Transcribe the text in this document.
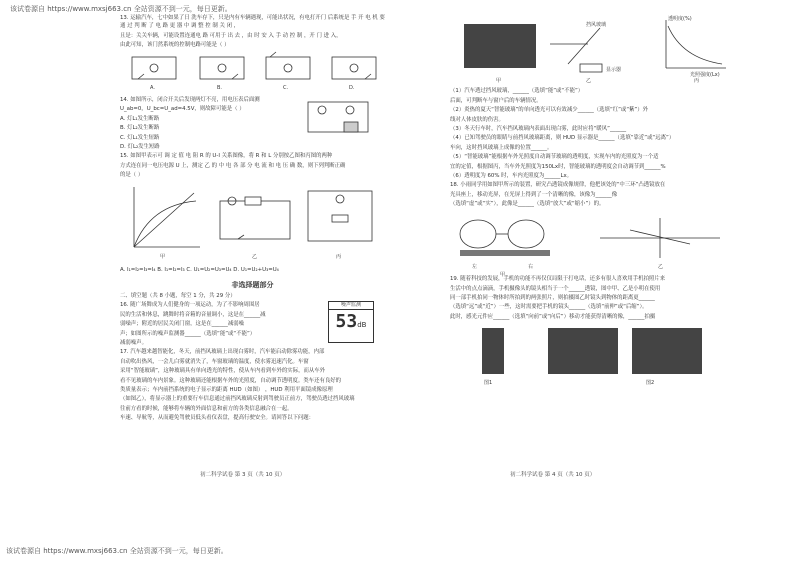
该试卷源自 https://www.mxsj663.cn 全站资源不到一元，每日更新。

13. 运输汽车，七中如果了日 洗车存下，只是内有车辆遇现，可能出状况，有电打开门 后系统是 手 开 电 机 要 通 过 判 断 了 电 路 更 器 中 调 整 控 制 关 闭 ，

且是：关关车辆，可能设置连通电 路 可用于 出 去 ，由 时 安 入 手 动 控 制 ，开 门 进 入，

由此可知，该门然系统的控制电路可能是（ ）

A.	B.	C.	D.

14. 如图所示，闭合开关后发现两灯不亮，用电压表后面测

U_ab=0，U_bc=U_ad=4.5V，则故障可能是（ ）

A. 灯L₁发生断路

B. 灯L₂发生断路

C. 灯L₁发生短路

D. 灯L₂发生短路

15. 如图甲表示可 调 定 值 电 阻 R 的 U-I 关系图像，将 R 和 L 分别按乙图和丙图的两种

方式连在同一电压电源 U 上，测定 乙 的 中 电 各 部 分 电 流 和 电 压 确 数，则下列判断正确

的是（ ）

甲	乙	丙

A. I₁=I₂=I₃=I₄ B. I₁=I₂=I₃ C. U₁=U₂=U₃=U₄ D. U₁=U₂+U₃=U₄

非选择题部分

二、填空题（共 8 小题，每空 1 分，共 29 分）

16. 随广场舞成为人们健身的一项运动，为了不影响周围居

民的生活和休息，跳舞时将音箱的音量调小，这是在______减

弱噪声；附近的居民关闭门窗，这是在______减弱噪

声；如图所示的噪声监测器______（选填“能”或“不能”）

减弱噪声。

噪声监测
53dB

17. 汽车越来越智能化，冬天，前挡风玻璃上出现白雾时，汽车能启动除雾功能，内部

自动吹出热风，一会儿白雾就消失了，车窗玻璃的温度，使水雾迅速汽化。车窗

采用“智能玻璃”，这种玻璃具有单向透光的特性，使从车内看到车外的实际，而从车外

看不见玻璃的车内景象。这种玻璃还能根据车外的光照度，自动调节透明度。类车还有良好的

类质量表示；车内前挡系统的电子显示的距离 HUD（如图） ，HUD 利用平面镜成像原理

（如图乙），将显示器上的重要行车信息通过前挡风玻璃反射到驾驶员正前方，驾驶员透过挡风玻璃

往前方看的时候，能够将车辆的外面信息和前方的各类信息融合在一起。

车速、导航等，从而避免驾驶员低头看仪表盘，提高行驶安全。请回答以下问题：

初二科学试卷 第 3 页（共 10 页）
挡风玻璃
显示器
透明度(%)
光照强度(Lx)
甲	乙	丙

（1）汽车透过挡风玻璃，______（选填“能”或“不能”）

后面，可判断车与窗户后的车辆情况。

（2）炎热的夏天“智能玻璃”的单向透光可以有效减少______（选填“红”或“紫”）外

线对人体皮肤的伤害。

（3）冬天行车时，汽车挡风玻璃内表面出现白雾，此时应将“暖风”______

（4）已知驾驶员的眼睛与前挡风玻璃距离，则 HUD 显示器是______（选填“靠近”或“远离”）

车向，这时挡风玻璃上成像的位置______。

（5）“智能玻璃”能根据车外光照度自动调节玻璃的透明度，实现车内的光照度为一个适

宜的定值，根据图丙，当车外光照度为150Lx时，智能玻璃的透明度会自动调节到______%

（6）透明度为 60% 时，车内光照度为______Lx。

18. 小雨同学用如图甲所示的装置，研究凸透镜成像规律，他把该处的“中三环”凸透镜放在

光具座上，移动光屏，在光屏上得到了一个清晰的像，该像为______像

（选填“虚”或“实”），此像是______（选填“放大”或“缩小”）的。

左	右
甲
乙

19. 随着科技的发展，手机的功能不再仅仅局限于打电话，还多有很人喜欢用手机拍照片来

生活中的点点滴滴，手机摄像头的镜头相当于一个______透镜，图中甲、乙是小明在使用

同一部手机拍同一物体时所拍到的两张照片，则拍摄图乙时镜头到物体的距离更______

（选填“远”或“近”）一些，这时需要把手机的镜头______（选填“前伸”或“后缩”）。

此时，感光元件应______（选填“向前”或“向后”）移动才能获得清晰的像，______拍摄

图1	图2
初二科学试卷 第 4 页（共 10 页）
该试卷源自 https://www.mxsj663.cn 全站资源不到一元，每日更新。
